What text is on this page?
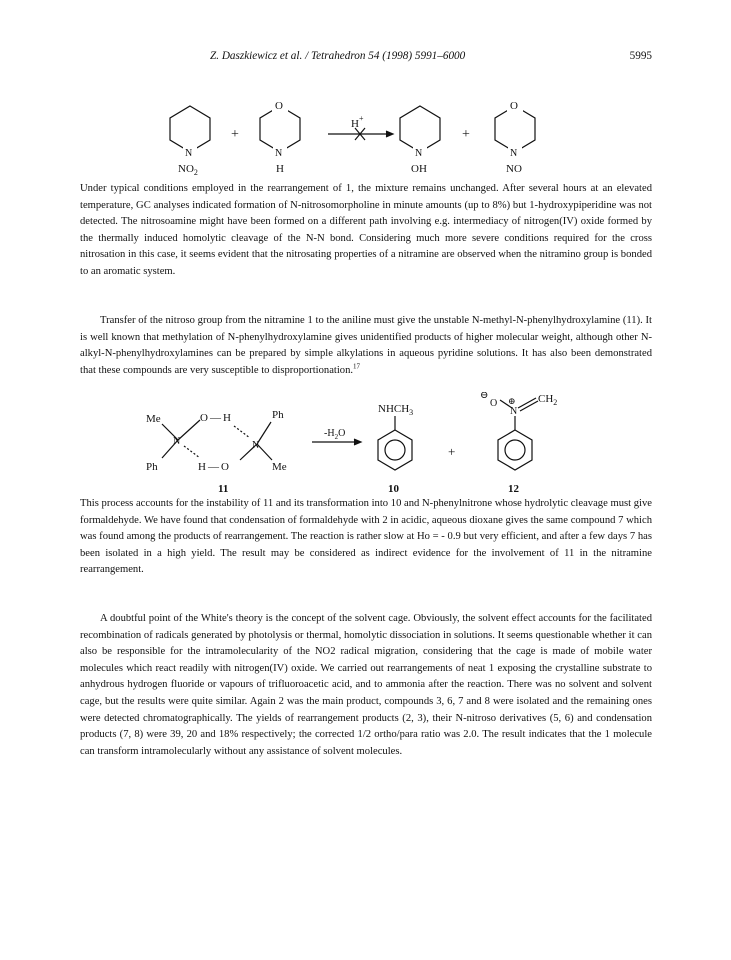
Z. Daszkiewicz et al. / Tetrahedron 54 (1998) 5991–6000	5995
O	O
N	N	N	N
$NO_2$	H	OH	NO
+	+
H+

Under typical conditions employed in the rearrangement of 1, the mixture remains unchanged. After several hours at an elevated temperature, GC analyses indicated formation of N-nitrosomorpholine in minute amounts (up to 8%) but 1-hydroxypiperidine was not detected. The nitrosoamine might have been formed on a different path involving e.g. intermediacy of nitrogen(IV) oxide formed by the thermally induced homolytic cleavage of the N-N bond. Considering much more severe conditions required for the cross nitrosation in this case, it seems evident that the nitrosating properties of a nitramine are observed when the nitramino group is bonded to an aromatic system.

Transfer of the nitroso group from the nitramine 1 to the aniline must give the unstable N-methyl-N-phenylhydroxylamine (11). It is well known that methylation of N-phenylhydroxylamine gives unidentified products of higher molecular weight, although other N-alkyl-N-phenylhydroxylamines can be prepared by simple alkylations in aqueous pyridine solutions. It has also been demonstrated that these compounds are very susceptible to disproportionation.$^{17}$

Me
N
O — H	Ph
N
Ph	H — O	Me
$-H_2O$
$NHCH_3$
+
⊖
O ⊕
N
$CH_2$
11	10	12

This process accounts for the instability of 11 and its transformation into 10 and N-phenylnitrone whose hydrolytic cleavage must give formaldehyde. We have found that condensation of formaldehyde with 2 in acidic, aqueous dioxane gives the same compound 7 which was found among the products of rearrangement. The reaction is rather slow at Ho = - 0.9 but very efficient, and after a few days 7 has been isolated in a high yield. The result may be considered as indirect evidence for the involvement of 11 in the nitramine rearrangement.

A doubtful point of the White's theory is the concept of the solvent cage. Obviously, the solvent effect accounts for the facilitated recombination of radicals generated by photolysis or thermal, homolytic dissociation in solutions. It seems questionable whether it can also be responsible for the intramolecularity of the NO2 radical migration, considering that the cage is made of mobile water molecules which react readily with nitrogen(IV) oxide. We carried out rearrangements of neat 1 exposing the crystalline substrate to anhydrous hydrogen fluoride or vapours of trifluoroacetic acid, and to ammonia after the reaction. There was no solvent and solvent cage, but the results were quite similar. Again 2 was the main product, compounds 3, 6, 7 and 8 were isolated and the remaining ones were detected chromatographically. The yields of rearrangement products (2, 3), their N-nitroso derivatives (5, 6) and condensation products (7, 8) were 39, 20 and 18% respectively; the corrected 1/2 ortho/para ratio was 2.0. The result indicates that the 1 molecule can transform intramolecularly without any assistance of solvent molecules.
